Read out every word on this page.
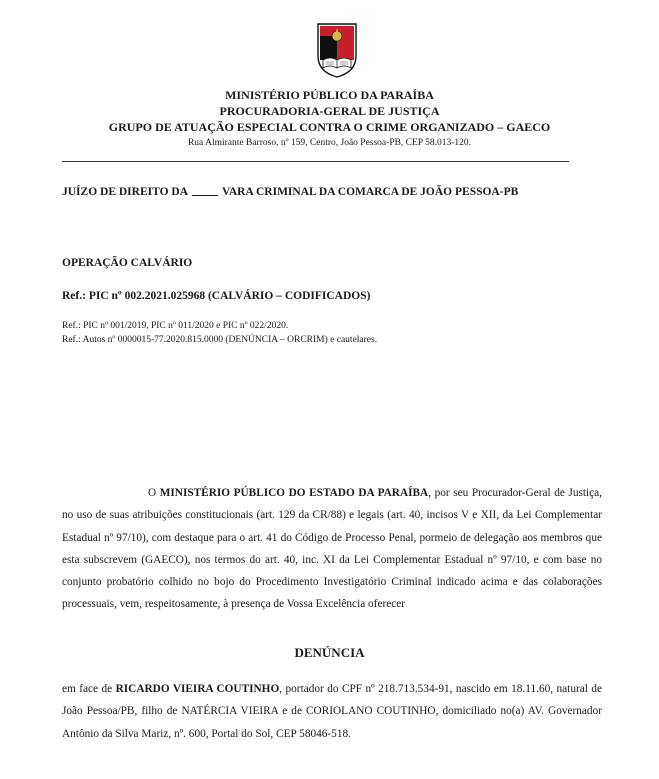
MINISTÉRIO PÚBLICO DA PARAÍBA
PROCURADORIA-GERAL DE JUSTIÇA
GRUPO DE ATUAÇÃO ESPECIAL CONTRA O CRIME ORGANIZADO – GAECO
Rua Almirante Barroso, nº 159, Centro, João Pessoa-PB, CEP 58.013-120.
JUÍZO DE DIREITO DA	VARA CRIMINAL DA COMARCA DE JOÃO PESSOA-PB
OPERAÇÃO CALVÁRIO
Ref.: PIC nº 002.2021.025968 (CALVÁRIO – CODIFICADOS)
Ref.: PIC nº 001/2019, PIC nº 011/2020 e PIC nº 022/2020.
Ref.: Autos nº 0000015-77.2020.815.0000 (DENÚNCIA – ORCRIM) e cautelares.
O MINISTÉRIO PÚBLICO DO ESTADO DA PARAÍBA, por seu Procurador-Geral de Justiça, no uso de suas atribuições constitucionais (art. 129 da CR/88) e legais (art. 40, incisos V e XII, da Lei Complementar Estadual nº 97/10), com destaque para o art. 41 do Código de Processo Penal, pormeio de delegação aos membros que esta subscrevem (GAECO), nos termos do art. 40, inc. XI da Lei Complementar Estadual nº 97/10, e com base no conjunto probatório colhido no bojo do Procedimento Investigatório Criminal indicado acima e das colaborações processuais, vem, respeitosamente, à presença de Vossa Excelência oferecer
DENÚNCIA
em face de RICARDO VIEIRA COUTINHO, portador do CPF nº 218.713.534-91, nascido em 18.11.60, natural de João Pessoa/PB, filho de NATÉRCIA VIEIRA e de CORIOLANO COUTINHO, domiciliado no(a) AV. Governador Antônio da Silva Mariz, nº. 600, Portal do Sol, CEP 58046-518.
